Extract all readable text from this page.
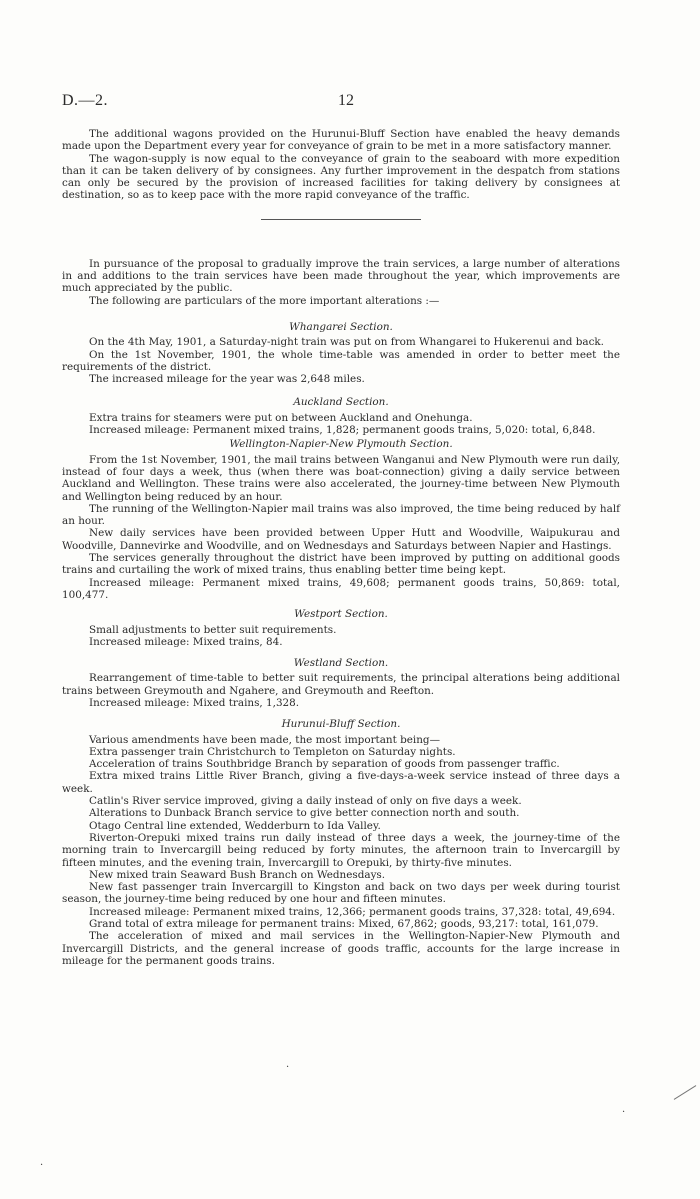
D.—2.	12

The additional wagons provided on the Hurunui-Bluff Section have enabled the heavy demands made upon the Department every year for conveyance of grain to be met in a more satisfactory manner.

The wagon-supply is now equal to the conveyance of grain to the seaboard with more expedition than it can be taken delivery of by consignees. Any further improvement in the despatch from stations can only be secured by the provision of increased facilities for taking delivery by consignees at destination, so as to keep pace with the more rapid conveyance of the traffic.

In pursuance of the proposal to gradually improve the train services, a large number of alterations in and additions to the train services have been made throughout the year, which improvements are much appreciated by the public.

The following are particulars of the more important alterations :—

Whangarei Section.

On the 4th May, 1901, a Saturday-night train was put on from Whangarei to Hukerenui and back.

On the 1st November, 1901, the whole time-table was amended in order to better meet the requirements of the district.

The increased mileage for the year was 2,648 miles.

Auckland Section.

Extra trains for steamers were put on between Auckland and Onehunga.

Increased mileage: Permanent mixed trains, 1,828; permanent goods trains, 5,020: total, 6,848.

Wellington-Napier-New Plymouth Section.

From the 1st November, 1901, the mail trains between Wanganui and New Plymouth were run daily, instead of four days a week, thus (when there was boat-connection) giving a daily service between Auckland and Wellington. These trains were also accelerated, the journey-time between New Plymouth and Wellington being reduced by an hour.

The running of the Wellington-Napier mail trains was also improved, the time being reduced by half an hour.

New daily services have been provided between Upper Hutt and Woodville, Waipukurau and Woodville, Dannevirke and Woodville, and on Wednesdays and Saturdays between Napier and Hastings.

The services generally throughout the district have been improved by putting on additional goods trains and curtailing the work of mixed trains, thus enabling better time being kept.

Increased mileage: Permanent mixed trains, 49,608; permanent goods trains, 50,869: total, 100,477.

Westport Section.

Small adjustments to better suit requirements.

Increased mileage: Mixed trains, 84.

Westland Section.

Rearrangement of time-table to better suit requirements, the principal alterations being additional trains between Greymouth and Ngahere, and Greymouth and Reefton.

Increased mileage: Mixed trains, 1,328.

Hurunui-Bluff Section.

Various amendments have been made, the most important being—

Extra passenger train Christchurch to Templeton on Saturday nights.

Acceleration of trains Southbridge Branch by separation of goods from passenger traffic.

Extra mixed trains Little River Branch, giving a five-days-a-week service instead of three days a week.

Catlin's River service improved, giving a daily instead of only on five days a week.

Alterations to Dunback Branch service to give better connection north and south.

Otago Central line extended, Wedderburn to Ida Valley.

Riverton-Orepuki mixed trains run daily instead of three days a week, the journey-time of the morning train to Invercargill being reduced by forty minutes, the afternoon train to Invercargill by fifteen minutes, and the evening train, Invercargill to Orepuki, by thirty-five minutes.

New mixed train Seaward Bush Branch on Wednesdays.

New fast passenger train Invercargill to Kingston and back on two days per week during tourist season, the journey-time being reduced by one hour and fifteen minutes.

Increased mileage: Permanent mixed trains, 12,366; permanent goods trains, 37,328: total, 49,694.

Grand total of extra mileage for permanent trains: Mixed, 67,862; goods, 93,217: total, 161,079.

The acceleration of mixed and mail services in the Wellington-Napier-New Plymouth and Invercargill Districts, and the general increase of goods traffic, accounts for the large increase in mileage for the permanent goods trains.

·
·
·
